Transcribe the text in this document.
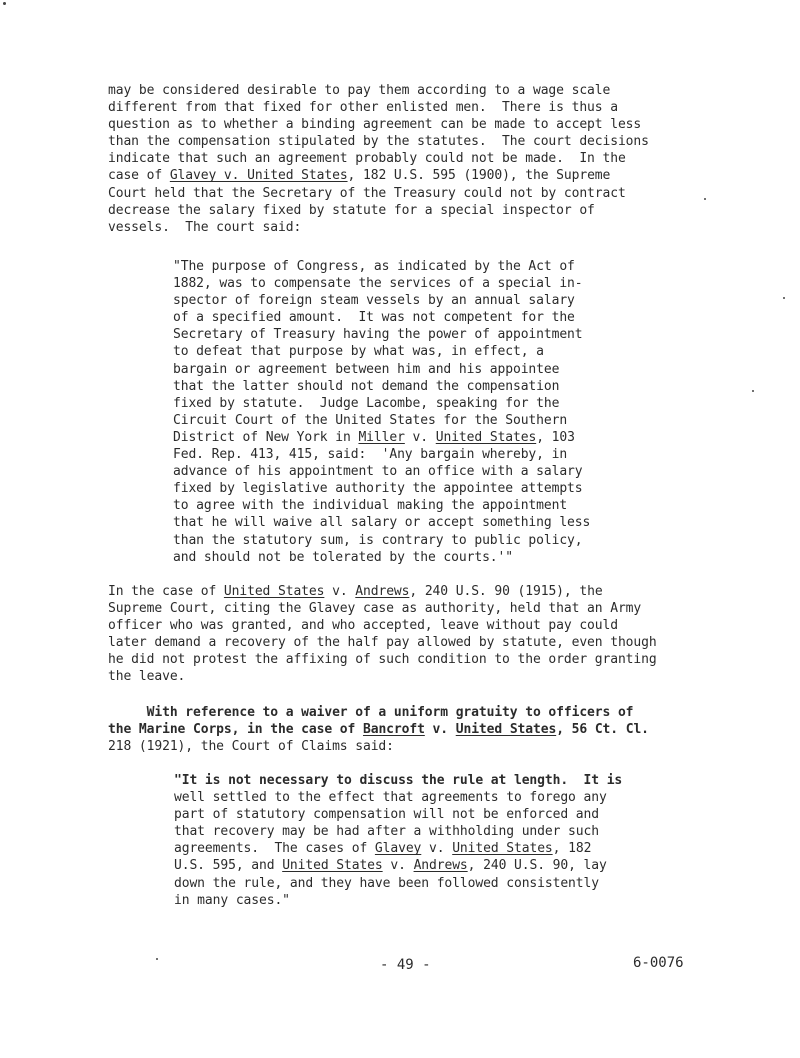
may be considered desirable to pay them according to a wage scale
different from that fixed for other enlisted men.  There is thus a
question as to whether a binding agreement can be made to accept less
than the compensation stipulated by the statutes.  The court decisions
indicate that such an agreement probably could not be made.  In the
case of Glavey v. United States, 182 U.S. 595 (1900), the Supreme
Court held that the Secretary of the Treasury could not by contract
decrease the salary fixed by statute for a special inspector of
vessels.  The court said:

"The purpose of Congress, as indicated by the Act of
1882, was to compensate the services of a special in-
spector of foreign steam vessels by an annual salary
of a specified amount.  It was not competent for the
Secretary of Treasury having the power of appointment
to defeat that purpose by what was, in effect, a
bargain or agreement between him and his appointee
that the latter should not demand the compensation
fixed by statute.  Judge Lacombe, speaking for the
Circuit Court of the United States for the Southern
District of New York in Miller v. United States, 103
Fed. Rep. 413, 415, said:  'Any bargain whereby, in
advance of his appointment to an office with a salary
fixed by legislative authority the appointee attempts
to agree with the individual making the appointment
that he will waive all salary or accept something less
than the statutory sum, is contrary to public policy,
and should not be tolerated by the courts.'"

In the case of United States v. Andrews, 240 U.S. 90 (1915), the
Supreme Court, citing the Glavey case as authority, held that an Army
officer who was granted, and who accepted, leave without pay could
later demand a recovery of the half pay allowed by statute, even though
he did not protest the affixing of such condition to the order granting
the leave.

With reference to a waiver of a uniform gratuity to officers of
the Marine Corps, in the case of Bancroft v. United States, 56 Ct. Cl.
218 (1921), the Court of Claims said:

"It is not necessary to discuss the rule at length.  It is
well settled to the effect that agreements to forego any
part of statutory compensation will not be enforced and
that recovery may be had after a withholding under such
agreements.  The cases of Glavey v. United States, 182
U.S. 595, and United States v. Andrews, 240 U.S. 90, lay
down the rule, and they have been followed consistently
in many cases."

- 49 -	6-0076
